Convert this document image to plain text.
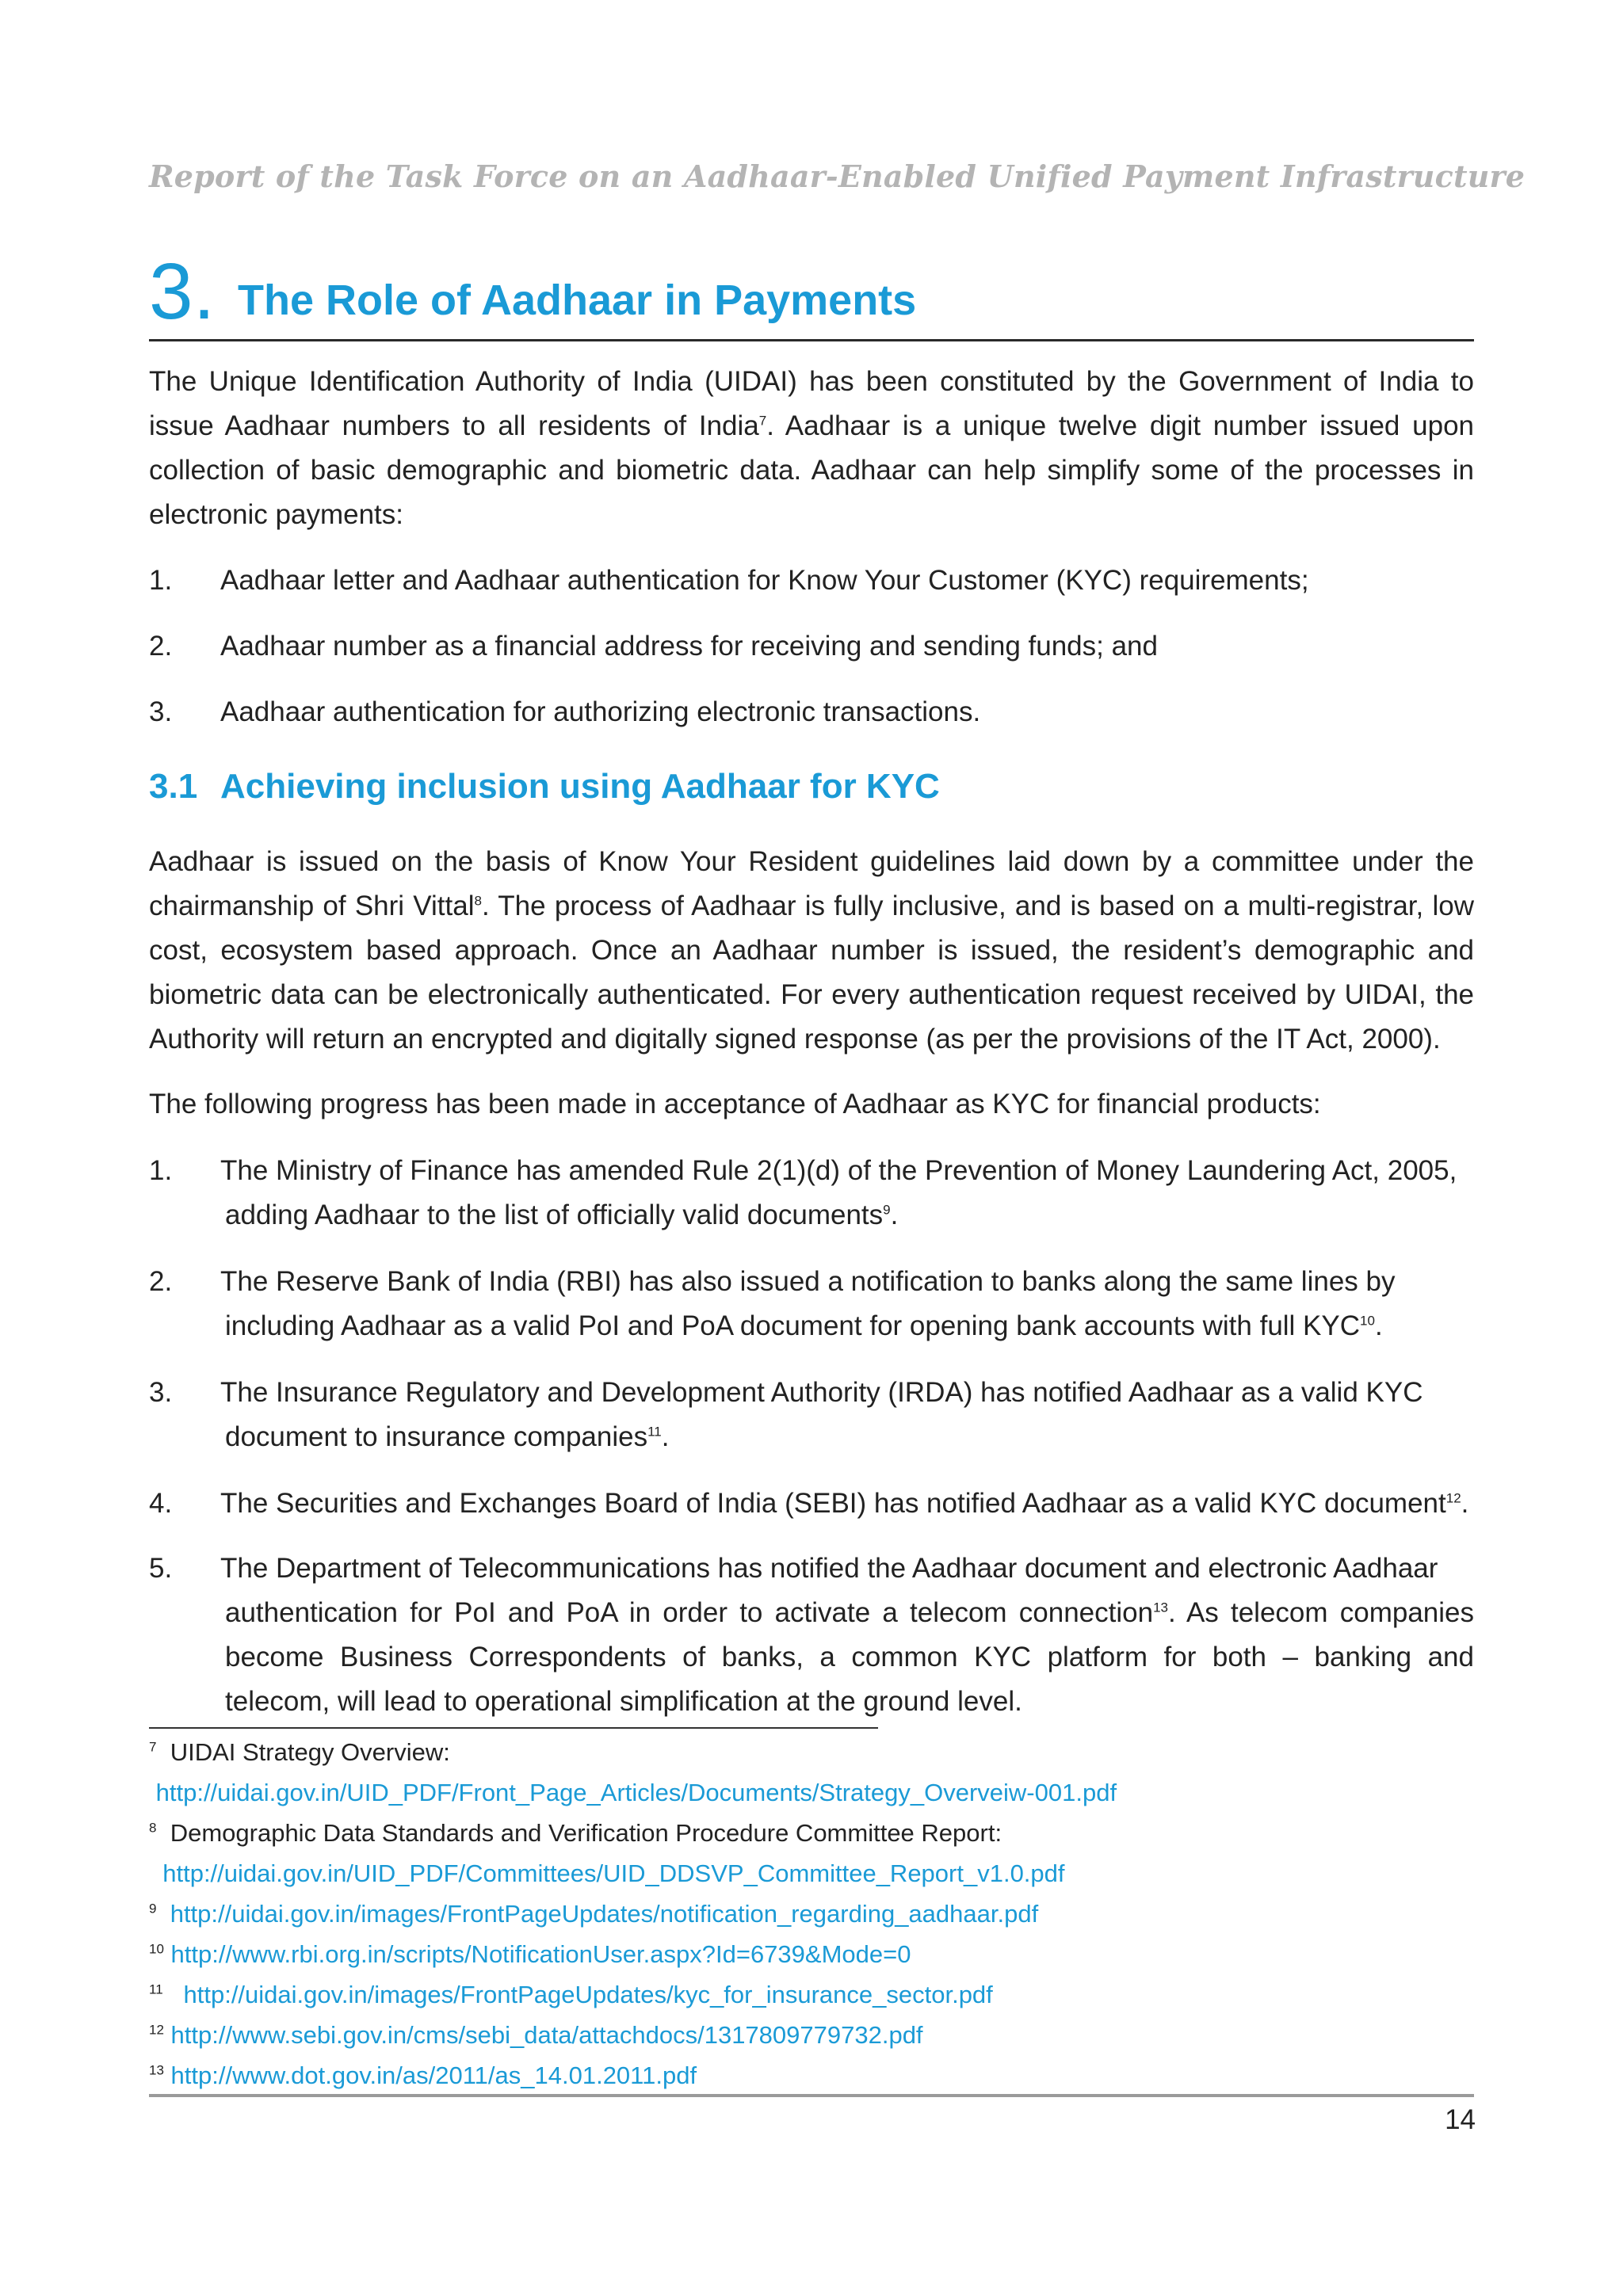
Report of the Task Force on an Aadhaar-Enabled Unified Payment Infrastructure
3. The Role of Aadhaar in Payments
The Unique Identification Authority of India (UIDAI) has been constituted by the Government of India to issue Aadhaar numbers to all residents of India$^7$. Aadhaar is a unique twelve digit number issued upon collection of basic demographic and biometric data. Aadhaar can help simplify some of the processes in electronic payments:
1. Aadhaar letter and Aadhaar authentication for Know Your Customer (KYC) requirements;
2. Aadhaar number as a financial address for receiving and sending funds; and
3. Aadhaar authentication for authorizing electronic transactions.
3.1 Achieving inclusion using Aadhaar for KYC
Aadhaar is issued on the basis of Know Your Resident guidelines laid down by a committee under the chairmanship of Shri Vittal$^8$. The process of Aadhaar is fully inclusive, and is based on a multi-registrar, low cost, ecosystem based approach. Once an Aadhaar number is issued, the resident’s demographic and biometric data can be electronically authenticated. For every authentication request received by UIDAI, the Authority will return an encrypted and digitally signed response (as per the provisions of the IT Act, 2000).
The following progress has been made in acceptance of Aadhaar as KYC for financial products:
1. The Ministry of Finance has amended Rule 2(1)(d) of the Prevention of Money Laundering Act, 2005,
adding Aadhaar to the list of officially valid documents$^9$.
2. The Reserve Bank of India (RBI) has also issued a notification to banks along the same lines by
including Aadhaar as a valid PoI and PoA document for opening bank accounts with full KYC$^{10}$.
3. The Insurance Regulatory and Development Authority (IRDA) has notified Aadhaar as a valid KYC
document to insurance companies$^{11}$.
4. The Securities and Exchanges Board of India (SEBI) has notified Aadhaar as a valid KYC document$^{12}$.
5. The Department of Telecommunications has notified the Aadhaar document and electronic Aadhaar
authentication for PoI and PoA in order to activate a telecom connection$^{13}$. As telecom companies become Business Correspondents of banks, a common KYC platform for both – banking and telecom, will lead to operational simplification at the ground level.
$^7$ UIDAI Strategy Overview:
http://uidai.gov.in/UID_PDF/Front_Page_Articles/Documents/Strategy_Overveiw-001.pdf
$^8$ Demographic Data Standards and Verification Procedure Committee Report:
http://uidai.gov.in/UID_PDF/Committees/UID_DDSVP_Committee_Report_v1.0.pdf
$^9$ http://uidai.gov.in/images/FrontPageUpdates/notification_regarding_aadhaar.pdf
$^{10}$ http://www.rbi.org.in/scripts/NotificationUser.aspx?Id=6739&Mode=0
$^{11}$ http://uidai.gov.in/images/FrontPageUpdates/kyc_for_insurance_sector.pdf
$^{12}$ http://www.sebi.gov.in/cms/sebi_data/attachdocs/1317809779732.pdf
$^{13}$ http://www.dot.gov.in/as/2011/as_14.01.2011.pdf
14
